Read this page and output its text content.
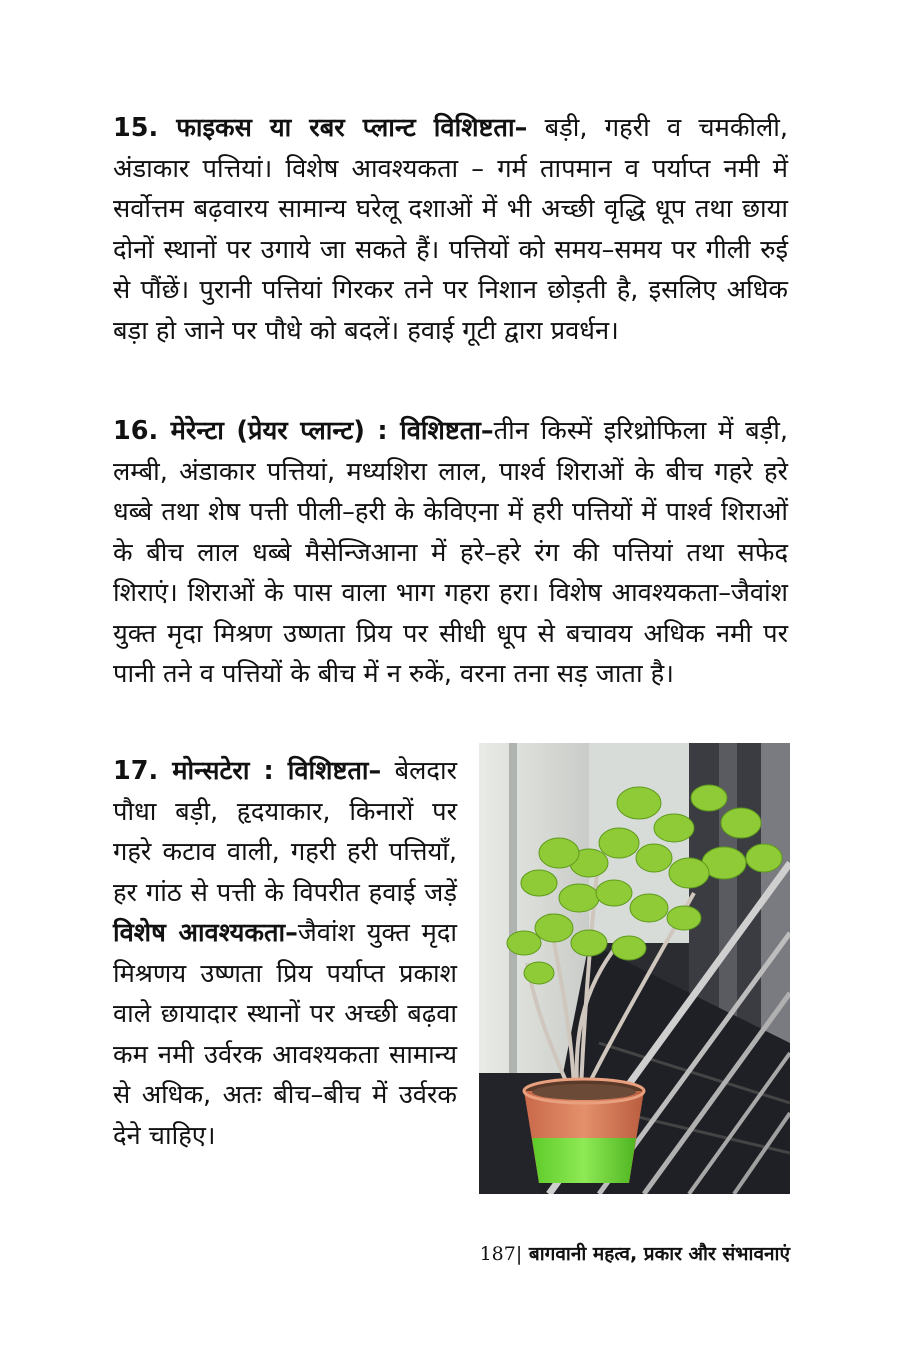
15. फाइकस या रबर प्लान्ट विशिष्टता– बड़ी, गहरी व चमकीली, अंडाकार पत्तियां। विशेष आवश्यकता – गर्म तापमान व पर्याप्त नमी में सर्वोत्तम बढ़वारय सामान्य घरेलू दशाओं में भी अच्छी वृद्धि धूप तथा छाया दोनों स्थानों पर उगाये जा सकते हैं। पत्तियों को समय–समय पर गीली रुई से पौंछें। पुरानी पत्तियां गिरकर तने पर निशान छोड़ती है, इसलिए अधिक बड़ा हो जाने पर पौधे को बदलें। हवाई गूटी द्वारा प्रवर्धन।

16. मेरेन्टा (प्रेयर प्लान्ट) : विशिष्टता–तीन किस्में इरिथ्रोफिला में बड़ी, लम्बी, अंडाकार पत्तियां, मध्यशिरा लाल, पार्श्व शिराओं के बीच गहरे हरे धब्बे तथा शेष पत्ती पीली–हरी के केविएना में हरी पत्तियों में पार्श्व शिराओं के बीच लाल धब्बे मैसेन्जिआना में हरे–हरे रंग की पत्तियां तथा सफेद शिराएं। शिराओं के पास वाला भाग गहरा हरा। विशेष आवश्यकता–जैवांश युक्त मृदा मिश्रण उष्णता प्रिय पर सीधी धूप से बचावय अधिक नमी पर पानी तने व पत्तियों के बीच में न रुकें, वरना तना सड़ जाता है।

17. मोन्सटेरा : विशिष्टता– बेलदार पौधा बड़ी, हृदयाकार, किनारों पर गहरे कटाव वाली, गहरी हरी पत्तियाँ, हर गांठ से पत्ती के विपरीत हवाई जड़ें विशेष आवश्यकता–जैवांश युक्त मृदा मिश्रणय उष्णता प्रिय पर्याप्त प्रकाश वाले छायादार स्थानों पर अच्छी बढ़वा कम नमी उर्वरक आवश्यकता सामान्य से अधिक, अतः बीच–बीच में उर्वरक देने चाहिए।

187| बागवानी महत्व, प्रकार और संभावनाएं
